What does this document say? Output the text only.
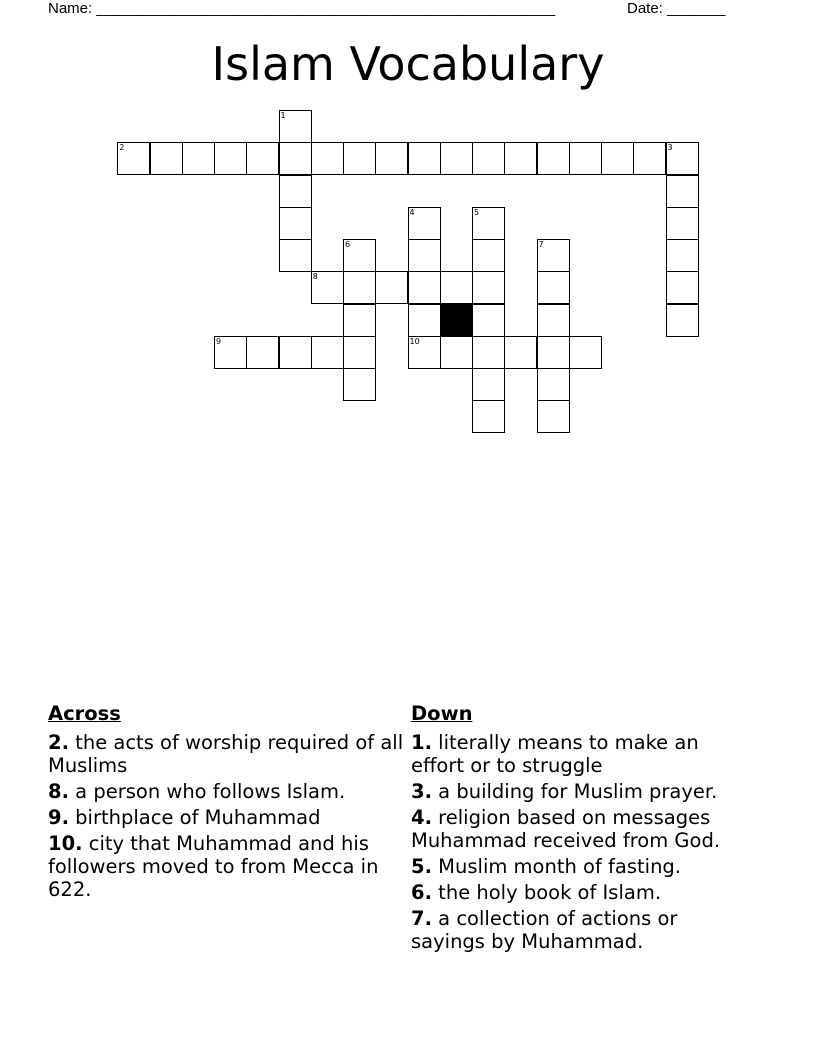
Name: _______________________________________________________	Date: _______
Islam Vocabulary
1
2	3
4	5
6	7
8
9	10
Across
2. the acts of worship required of all Muslims
8. a person who follows Islam.
9. birthplace of Muhammad
10. city that Muhammad and his followers moved to from Mecca in 622.
Down
1. literally means to make an effort or to struggle
3. a building for Muslim prayer.
4. religion based on messages Muhammad received from God.
5. Muslim month of fasting.
6. the holy book of Islam.
7. a collection of actions or sayings by Muhammad.
